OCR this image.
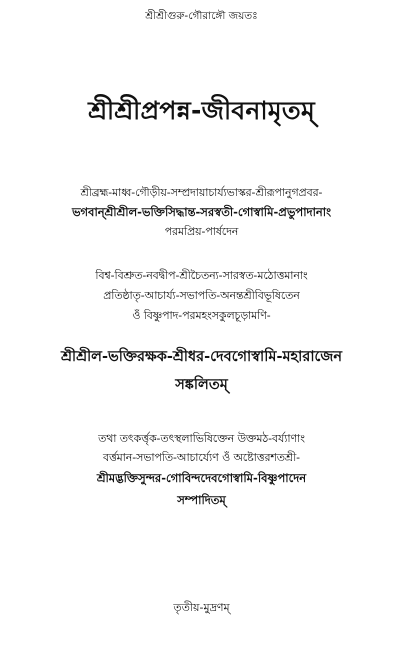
শ্রীশ্রীগুরু-গৌরাঙ্গৌ জয়তঃ
শ্রীশ্রীপ্রপন্ন-জীবনামৃতম্
শ্রীব্রহ্ম-মাধ্ব-গৌড়ীয়-সম্প্রদায়াচার্য্যভাস্কর-শ্রীরূপানুগপ্রবর-
ভগবান্‌শ্রীশ্রীল-ভক্তিসিদ্ধান্ত-সরস্বতী-গোস্বামি-প্রভুপাদানাং
পরমপ্রিয়-পার্ষদেন
বিশ্ব-বিশ্রুত-নবদ্বীপ-শ্রীচৈতন্য-সারস্বত-মঠোত্তমানাং
প্রতিষ্ঠাতৃ-আচার্য্য-সভাপতি-অনন্তশ্রীবিভূষিতেন
ওঁ বিষ্ণুপাদ-পরমহংসকুলচূড়ামণি-
শ্রীশ্রীল-ভক্তিরক্ষক-শ্রীধর-দেবগোস্বামি-মহারাজেন
সঙ্কলিতম্
তথা তৎকর্ত্তৃক-তৎস্থলাভিষিক্তেন উক্তমঠ-বর্য্যাণাং
বর্ত্তমান-সভাপতি-আচার্য্যেণ ওঁ অষ্টোত্তরশতশ্রী-
শ্রীমদ্ভক্তিসুন্দর-গোবিন্দদেবগোস্বামি-বিষ্ণুপাদেন
সম্পাদিতম্
তৃতীয়-মুদ্রণম্
